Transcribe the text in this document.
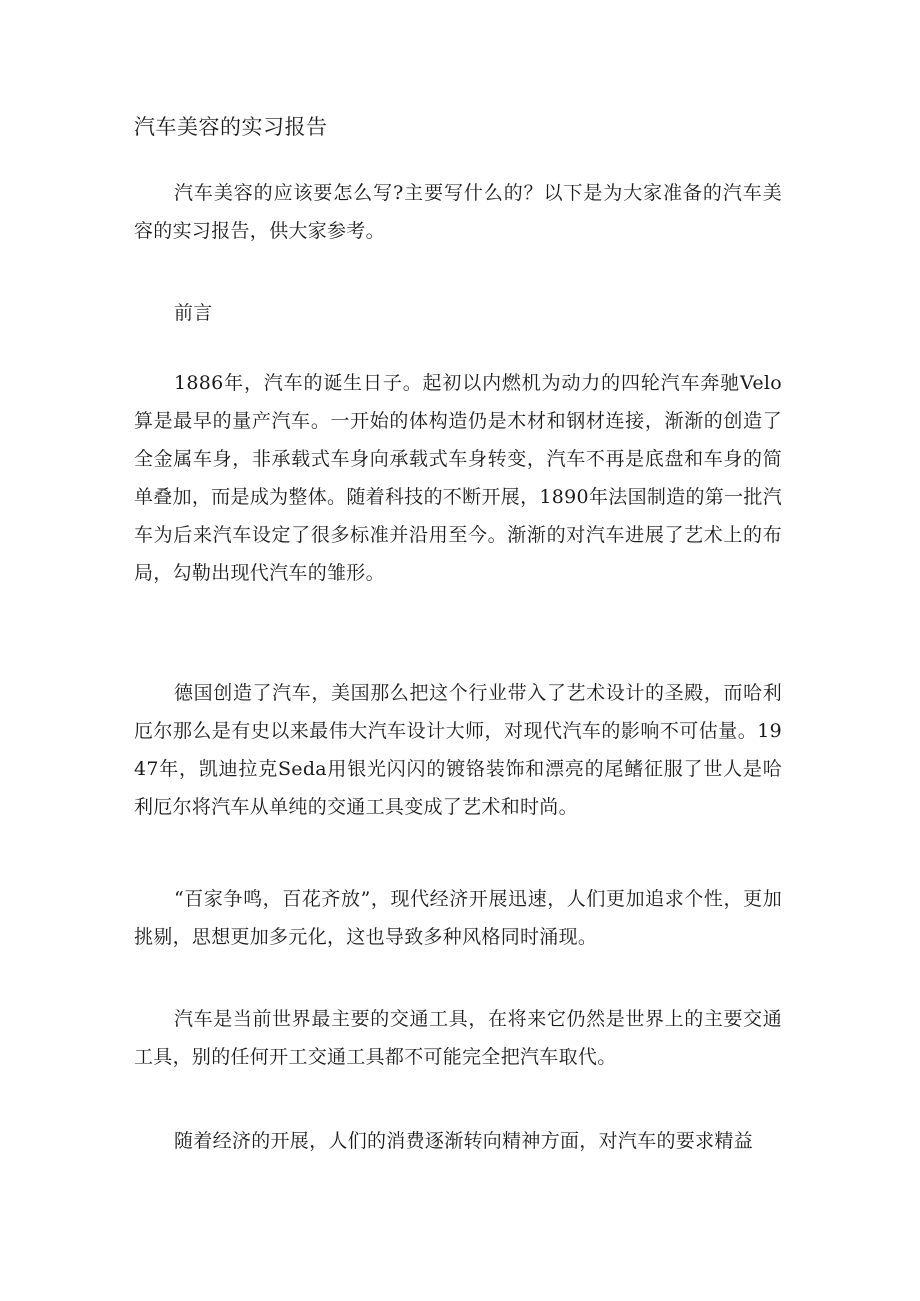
汽车美容的实习报告

汽车美容的应该要怎么写?主要写什么的？以下是为大家准备的汽车美容的实习报告，供大家参考。

前言

1886年，汽车的诞生日子。起初以内燃机为动力的四轮汽车奔驰Velo算是最早的量产汽车。一开始的体构造仍是木材和钢材连接，渐渐的创造了全金属车身，非承载式车身向承载式车身转变，汽车不再是底盘和车身的简单叠加，而是成为整体。随着科技的不断开展，1890年法国制造的第一批汽车为后来汽车设定了很多标准并沿用至今。渐渐的对汽车进展了艺术上的布局，勾勒出现代汽车的雏形。

德国创造了汽车，美国那么把这个行业带入了艺术设计的圣殿，而哈利厄尔那么是有史以来最伟大汽车设计大师，对现代汽车的影响不可估量。1947年，凯迪拉克Seda用银光闪闪的镀铬装饰和漂亮的尾鳍征服了世人是哈利厄尔将汽车从单纯的交通工具变成了艺术和时尚。

“百家争鸣，百花齐放”，现代经济开展迅速，人们更加追求个性，更加挑剔，思想更加多元化，这也导致多种风格同时涌现。

汽车是当前世界最主要的交通工具，在将来它仍然是世界上的主要交通工具，别的任何开工交通工具都不可能完全把汽车取代。

随着经济的开展，人们的消费逐渐转向精神方面，对汽车的要求精益
